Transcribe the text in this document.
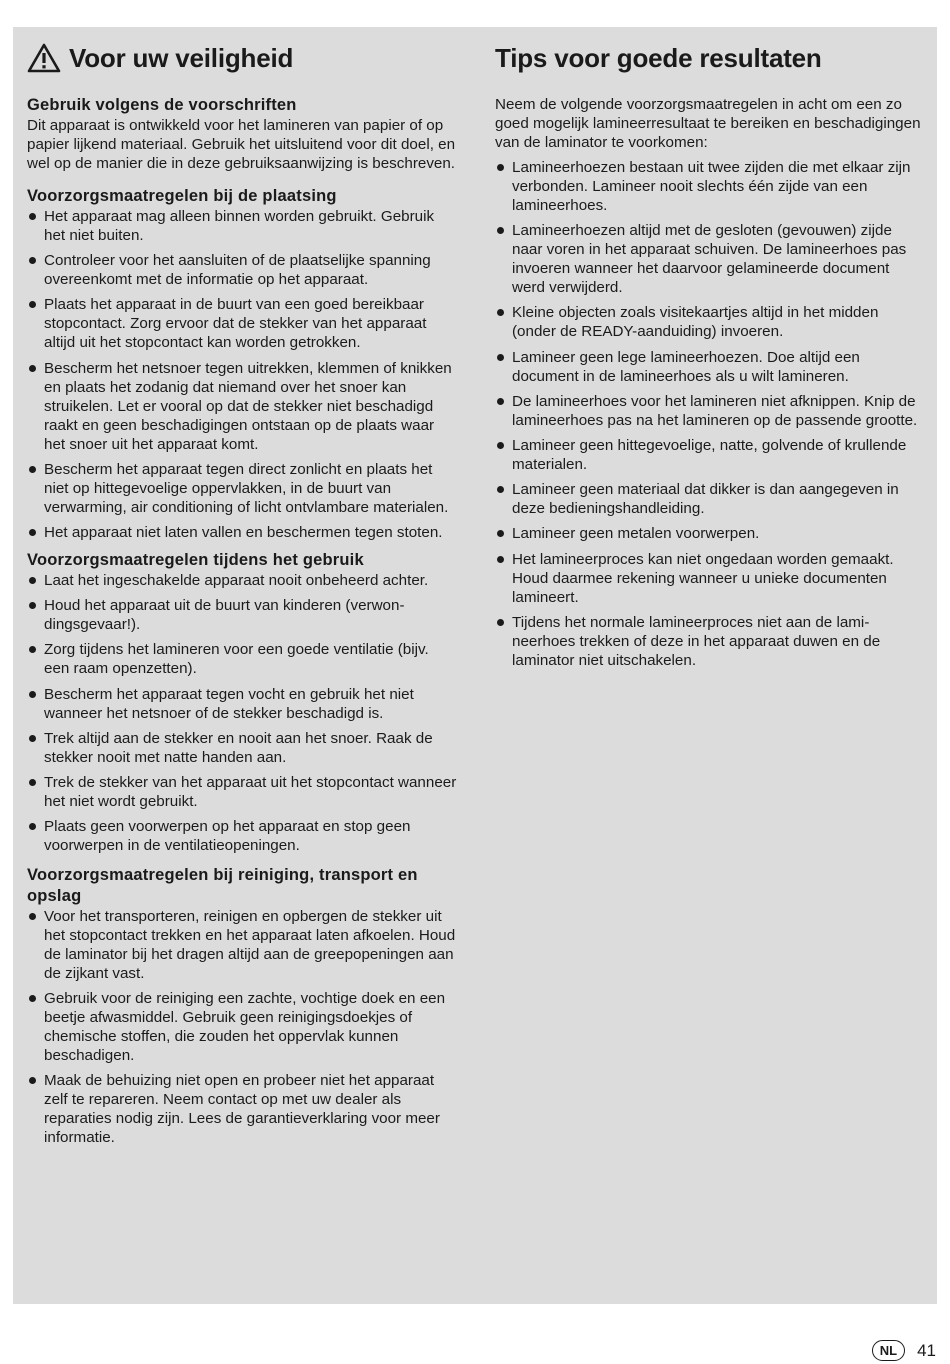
Voor uw veiligheid
Gebruik volgens de voorschriften

Dit apparaat is ontwikkeld voor het lamineren van papier of op papier lijkend materiaal. Gebruik het uitsluitend voor dit doel, en wel op de manier die in deze gebruiksaanwijzing is beschreven.

Voorzorgsmaatregelen bij de plaatsing
Het apparaat mag alleen binnen worden gebruikt. Gebruik het niet buiten.
Controleer voor het aansluiten of de plaatselijke spanning overeenkomt met de informatie op het apparaat.
Plaats het apparaat in de buurt van een goed bereikbaar stopcontact. Zorg ervoor dat de stekker van het apparaat altijd uit het stopcontact kan worden getrokken.
Bescherm het netsnoer tegen uitrekken, klemmen of knikken en plaats het zodanig dat niemand over het snoer kan struikelen. Let er vooral op dat de stekker niet beschadigd raakt en geen beschadigingen ontstaan op de plaats waar het snoer uit het apparaat komt.
Bescherm het apparaat tegen direct zonlicht en plaats het niet op hittegevoelige oppervlakken, in de buurt van verwarming, air conditioning of licht ontvlambare materialen.
Het apparaat niet laten vallen en beschermen tegen stoten.
Voorzorgsmaatregelen tijdens het gebruik
Laat het ingeschakelde apparaat nooit onbeheerd achter.
Houd het apparaat uit de buurt van kinderen (verwondingsgevaar!).
Zorg tijdens het lamineren voor een goede ventilatie (bijv. een raam openzetten).
Bescherm het apparaat tegen vocht en gebruik het niet wanneer het netsnoer of de stekker beschadigd is.
Trek altijd aan de stekker en nooit aan het snoer. Raak de stekker nooit met natte handen aan.
Trek de stekker van het apparaat uit het stopcontact wanneer het niet wordt gebruikt.
Plaats geen voorwerpen op het apparaat en stop geen voorwerpen in de ventilatieopeningen.
Voorzorgsmaatregelen bij reiniging, transport en opslag
Voor het transporteren, reinigen en opbergen de stekker uit het stopcontact trekken en het apparaat laten afkoelen. Houd de laminator bij het dragen altijd aan de greepopeningen aan de zijkant vast.
Gebruik voor de reiniging een zachte, vochtige doek en een beetje afwasmiddel. Gebruik geen reinigingsdoekjes of chemische stoffen, die zouden het oppervlak kunnen beschadigen.
Maak de behuizing niet open en probeer niet het apparaat zelf te repareren. Neem contact op met uw dealer als reparaties nodig zijn. Lees de garantieverklaring voor meer informatie.
Tips voor goede resultaten

Neem de volgende voorzorgsmaatregelen in acht om een zo goed mogelijk lamineerresultaat te bereiken en beschadigingen van de laminator te voorkomen:

Lamineerhoezen bestaan uit twee zijden die met elkaar zijn verbonden. Lamineer nooit slechts één zijde van een lamineerhoes.
Lamineerhoezen altijd met de gesloten (gevouwen) zijde naar voren in het apparaat schuiven. De lamineerhoes pas invoeren wanneer het daarvoor gelamineerde document werd verwijderd.
Kleine objecten zoals visitekaartjes altijd in het midden (onder de READY-aanduiding) invoeren.
Lamineer geen lege lamineerhoezen. Doe altijd een document in de lamineerhoes als u wilt lamineren.
De lamineerhoes voor het lamineren niet afknippen. Knip de lamineerhoes pas na het lamineren op de passende grootte.
Lamineer geen hittegevoelige, natte, golvende of krullende materialen.
Lamineer geen materiaal dat dikker is dan aangegeven in deze bedieningshandleiding.
Lamineer geen metalen voorwerpen.
Het lamineerproces kan niet ongedaan worden gemaakt. Houd daarmee rekening wanneer u unieke documenten lamineert.
Tijdens het normale lamineerproces niet aan de lamineerhoes trekken of deze in het apparaat duwen en de laminator niet uitschakelen.
NL	41
